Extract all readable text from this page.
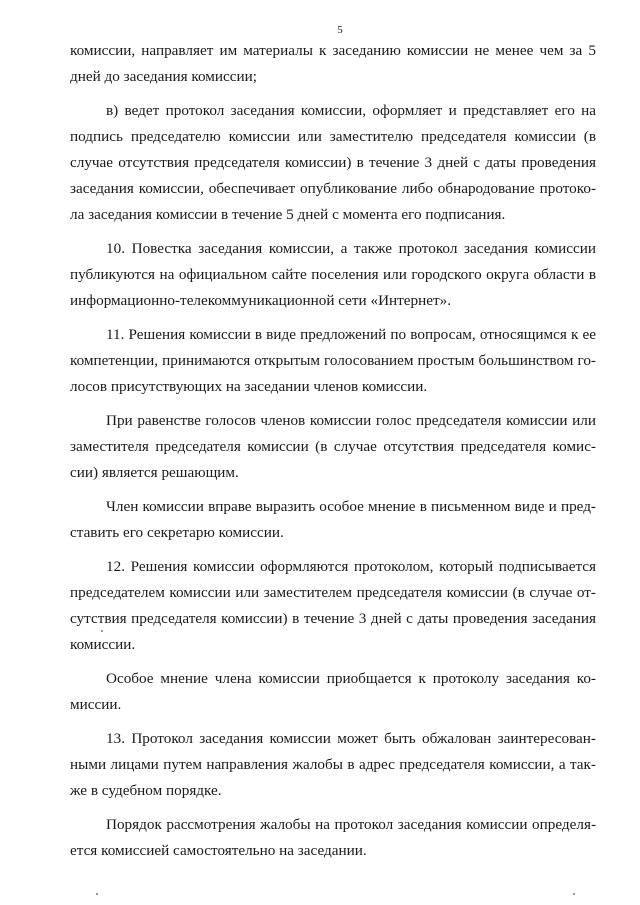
5

комиссии, направляет им материалы к заседанию комиссии не менее чем за 5
дней до заседания комиссии;

в) ведет протокол заседания комиссии, оформляет и представляет его на
подпись председателю комиссии или заместителю председателя комиссии (в
случае отсутствия председателя комиссии) в течение 3 дней с даты проведения
заседания комиссии, обеспечивает опубликование либо обнародование протоко-
ла заседания комиссии в течение 5 дней с момента его подписания.

10. Повестка заседания комиссии, а также протокол заседания комиссии
публикуются на официальном сайте поселения или городского округа области в
информационно-телекоммуникационной сети «Интернет».

11. Решения комиссии в виде предложений по вопросам, относящимся к ее
компетенции, принимаются открытым голосованием простым большинством го-
лосов присутствующих на заседании членов комиссии.

При равенстве голосов членов комиссии голос председателя комиссии или
заместителя председателя комиссии (в случае отсутствия председателя комис-
сии) является решающим.

Член комиссии вправе выразить особое мнение в письменном виде и пред-
ставить его секретарю комиссии.

12. Решения комиссии оформляются протоколом, который подписывается
председателем комиссии или заместителем председателя комиссии (в случае от-
сутствия председателя комиссии) в течение 3 дней с даты проведения заседания
комиссии.

Особое мнение члена комиссии приобщается к протоколу заседания ко-
миссии.

13. Протокол заседания комиссии может быть обжалован заинтересован-
ными лицами путем направления жалобы в адрес председателя комиссии, а так-
же в судебном порядке.

Порядок рассмотрения жалобы на протокол заседания комиссии определя-
ется комиссией самостоятельно на заседании.
